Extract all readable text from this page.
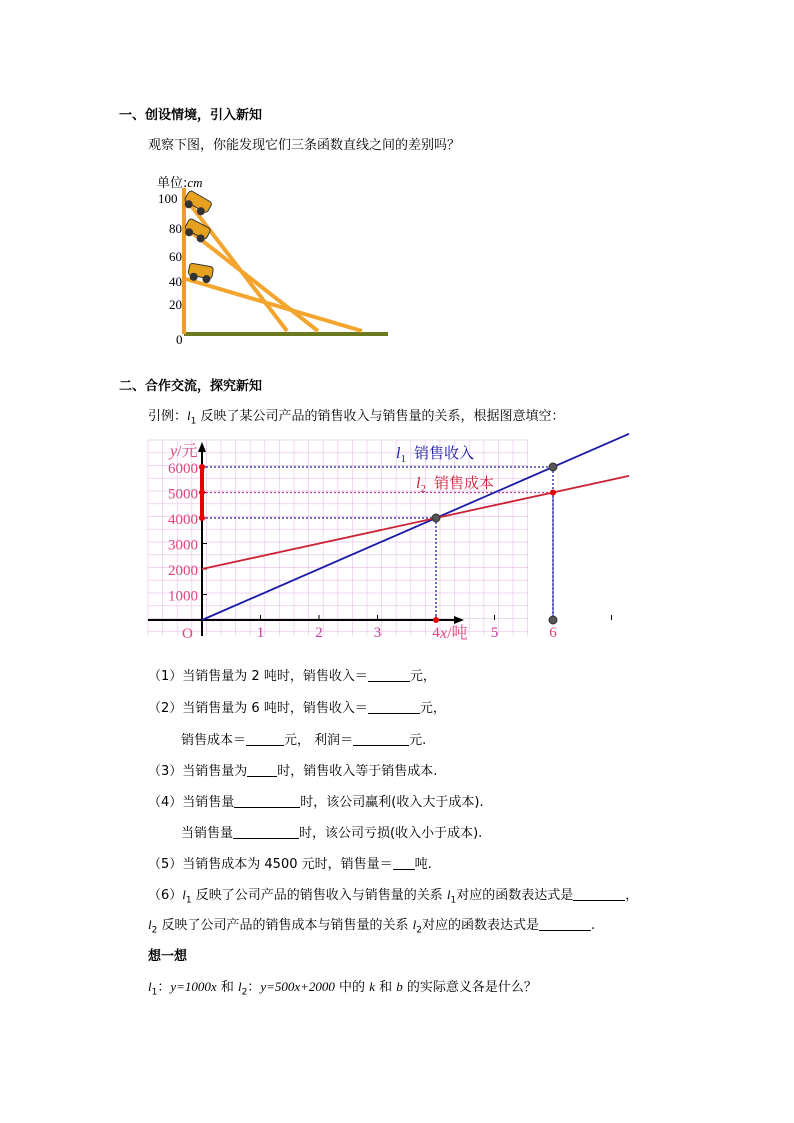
一、创设情境，引入新知
观察下图，你能发现它们三条函数直线之间的差别吗？
单位:cm
100
80
60
40
20
0
二、合作交流，探究新知
引例：$l_1$ 反映了某公司产品的销售收入与销售量的关系，根据图意填空：
6000
5000
4000
3000
2000
1000
1	2	3	4	5	6
O
y/元
x/吨
$l_1$ 销售收入
$l_2$ 销售成本
（1）当销售量为 2 吨时，销售收入＝	元，
（2）当销售量为 6 吨时，销售收入＝	元，
销售成本＝	元， 利润＝	元.
（3）当销售量为 时，销售收入等于销售成本.
（4）当销售量	时，该公司赢利(收入大于成本).
当销售量	时，该公司亏损(收入小于成本).
（5）当销售成本为 4500 元时，销售量＝ 吨.
$(6)l_1$ 反映了公司产品的销售收入与销售量的关系 $l_1$对应的函数表达式是	，
$l_2$ 反映了公司产品的销售成本与销售量的关系 $l_2$对应的函数表达式是	.
想一想
$l_1$：y=1000x 和 $l_2$：y=500x+2000 中的 k 和 b 的实际意义各是什么？
